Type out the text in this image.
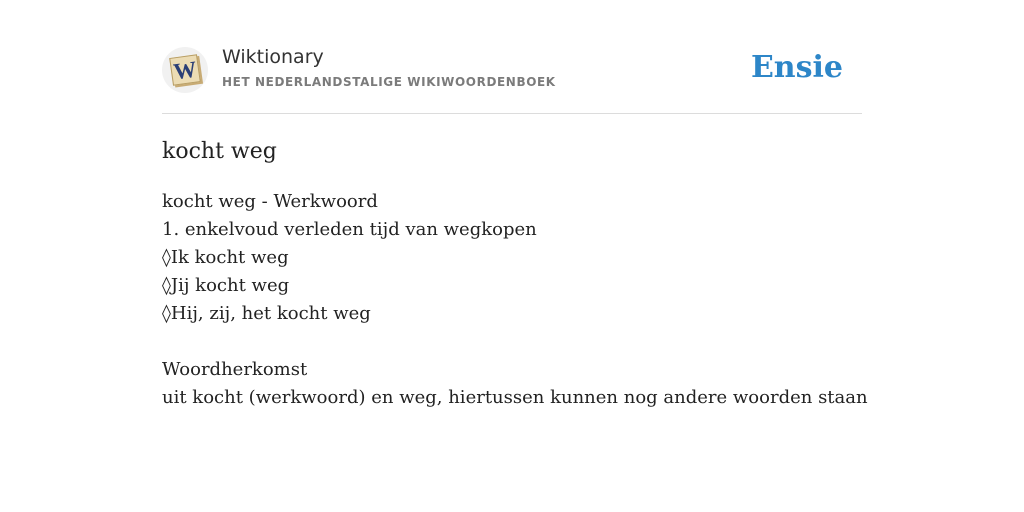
W Wiktionary
HET NEDERLANDSTALIGE WIKIWOORDENBOEK	Ensie
kocht weg
kocht weg - Werkwoord
1. enkelvoud verleden tijd van wegkopen
◊Ik kocht weg
◊Jij kocht weg
◊Hij, zij, het kocht weg
Woordherkomst
uit kocht (werkwoord) en weg, hiertussen kunnen nog andere woorden staan
